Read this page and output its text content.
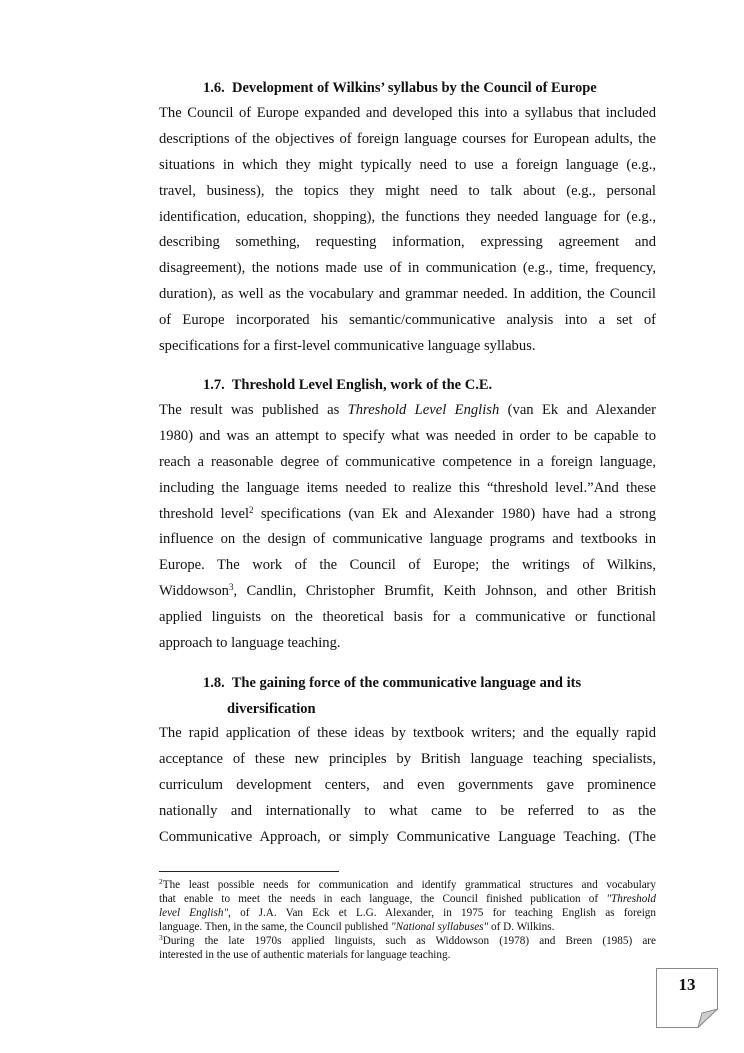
1.6. Development of Wilkins’ syllabus by the Council of Europe
The Council of Europe expanded and developed this into a syllabus that included
descriptions of the objectives of foreign language courses for European adults, the
situations in which they might typically need to use a foreign language (e.g.,
travel, business), the topics they might need to talk about (e.g., personal
identification, education, shopping), the functions they needed language for (e.g.,
describing something, requesting information, expressing agreement and
disagreement), the notions made use of in communication (e.g., time, frequency,
duration), as well as the vocabulary and grammar needed. In addition, the Council
of Europe incorporated his semantic/communicative analysis into a set of
specifications for a first-level communicative language syllabus.
1.7. Threshold Level English, work of the C.E.
The result was published as Threshold Level English (van Ek and Alexander
1980) and was an attempt to specify what was needed in order to be capable to
reach a reasonable degree of communicative competence in a foreign language,
including the language items needed to realize this “threshold level.”And these
threshold level$^2$ specifications (van Ek and Alexander 1980) have had a strong
influence on the design of communicative language programs and textbooks in
Europe. The work of the Council of Europe; the writings of Wilkins,
Widdowson$^3$, Candlin, Christopher Brumfit, Keith Johnson, and other British
applied linguists on the theoretical basis for a communicative or functional
approach to language teaching.
1.8. The gaining force of the communicative language and its
diversification
The rapid application of these ideas by textbook writers; and the equally rapid
acceptance of these new principles by British language teaching specialists,
curriculum development centers, and even governments gave prominence
nationally and internationally to what came to be referred to as the
Communicative Approach, or simply Communicative Language Teaching. (The
$^2$The least possible needs for communication and identify grammatical structures and vocabulary
that enable to meet the needs in each language, the Council finished publication of "Threshold
level English", of J.A. Van Eck et L.G. Alexander, in 1975 for teaching English as foreign
language. Then, in the same, the Council published "National syllabuses" of D. Wilkins.
$^3$During the late 1970s applied linguists, such as Widdowson (1978) and Breen (1985) are
interested in the use of authentic materials for language teaching.
13
